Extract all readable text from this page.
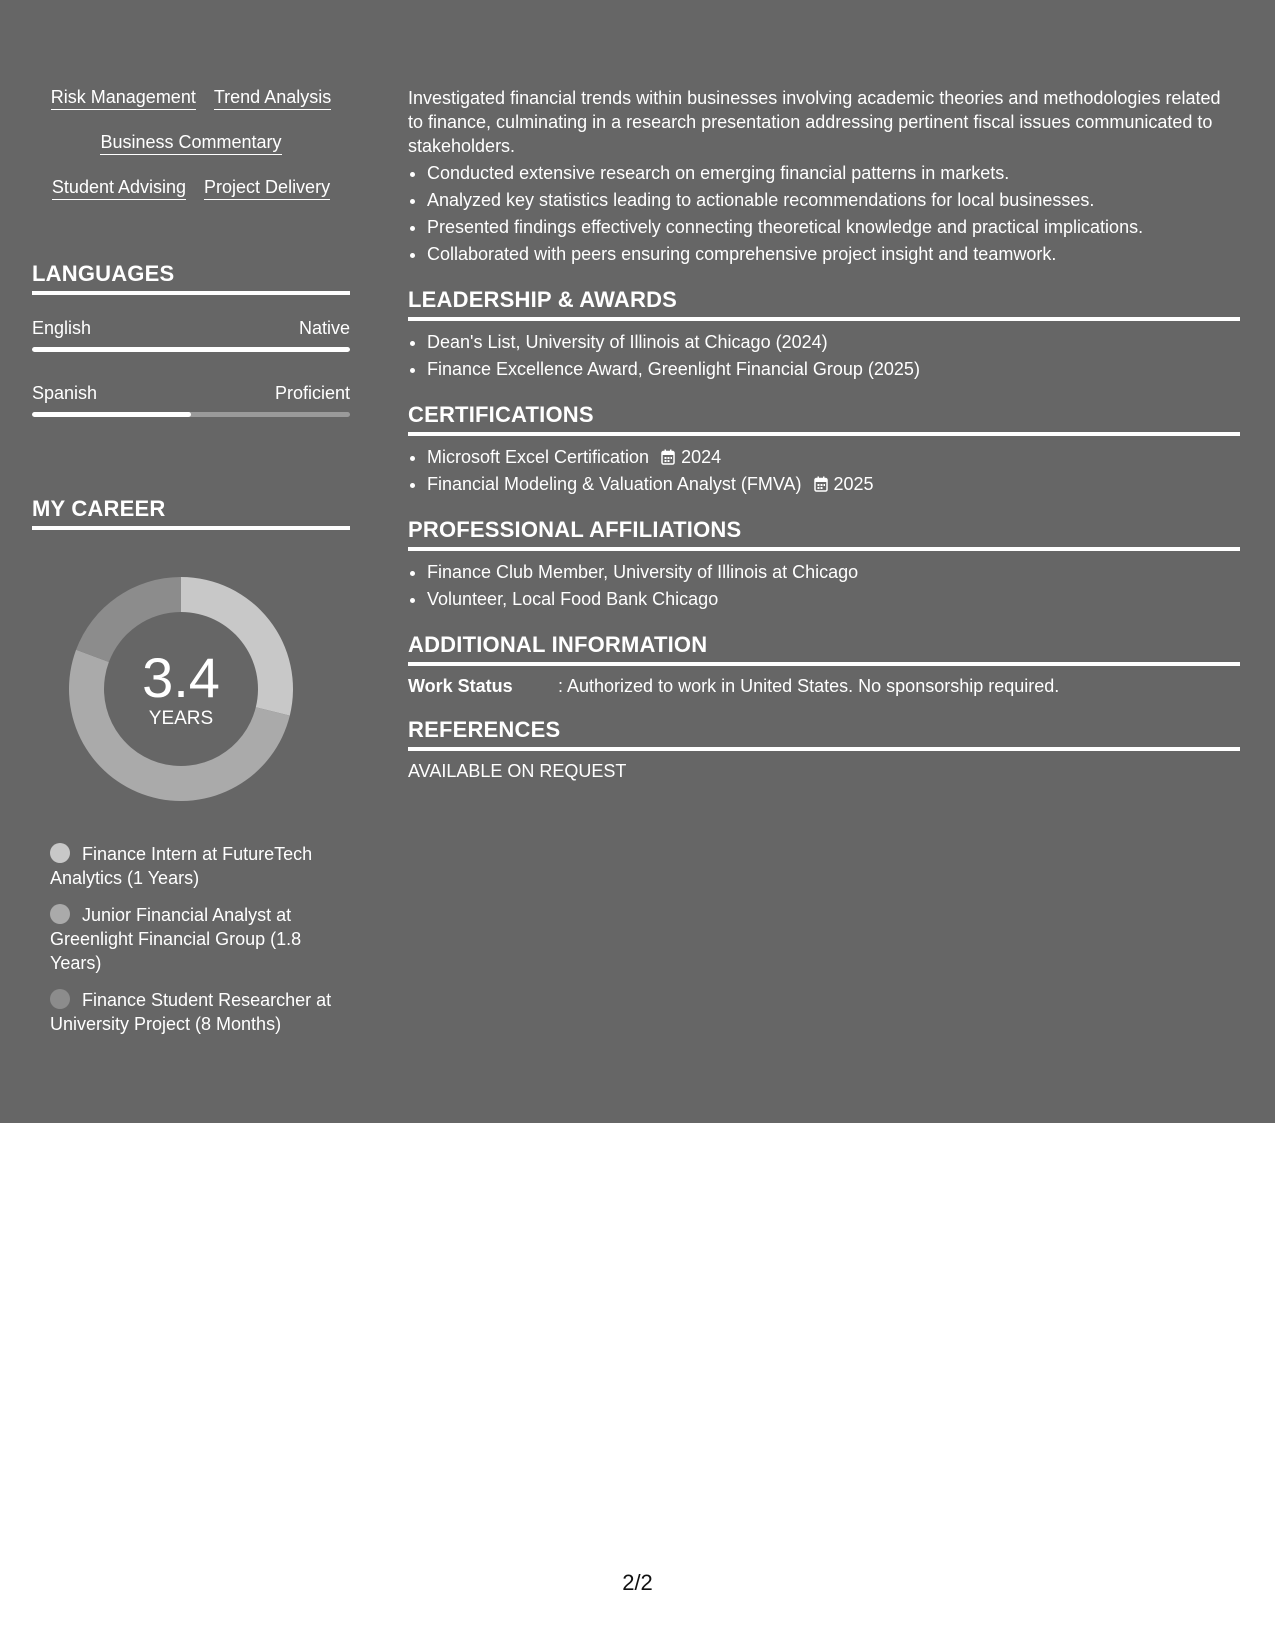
Risk Management Trend Analysis
Business Commentary
Student Advising Project Delivery
LANGUAGES
English	Native
Spanish	Proficient
MY CAREER
3.4
YEARS
Finance Intern at FutureTech Analytics (1 Years)
Junior Financial Analyst at Greenlight Financial Group (1.8 Years)
Finance Student Researcher at University Project (8 Months)

Investigated financial trends within businesses involving academic theories and methodologies related to finance, culminating in a research presentation addressing pertinent fiscal issues communicated to stakeholders.

• Conducted extensive research on emerging financial patterns in markets.
• Analyzed key statistics leading to actionable recommendations for local businesses.
• Presented findings effectively connecting theoretical knowledge and practical implications.
• Collaborated with peers ensuring comprehensive project insight and teamwork.
LEADERSHIP & AWARDS
• Dean's List, University of Illinois at Chicago (2024)
• Finance Excellence Award, Greenlight Financial Group (2025)
CERTIFICATIONS
• Microsoft Excel Certification 2024
• Financial Modeling & Valuation Analyst (FMVA) 2025
PROFESSIONAL AFFILIATIONS
• Finance Club Member, University of Illinois at Chicago
• Volunteer, Local Food Bank Chicago
ADDITIONAL INFORMATION
Work Status	: Authorized to work in United States. No sponsorship required.
REFERENCES
AVAILABLE ON REQUEST
2/2
